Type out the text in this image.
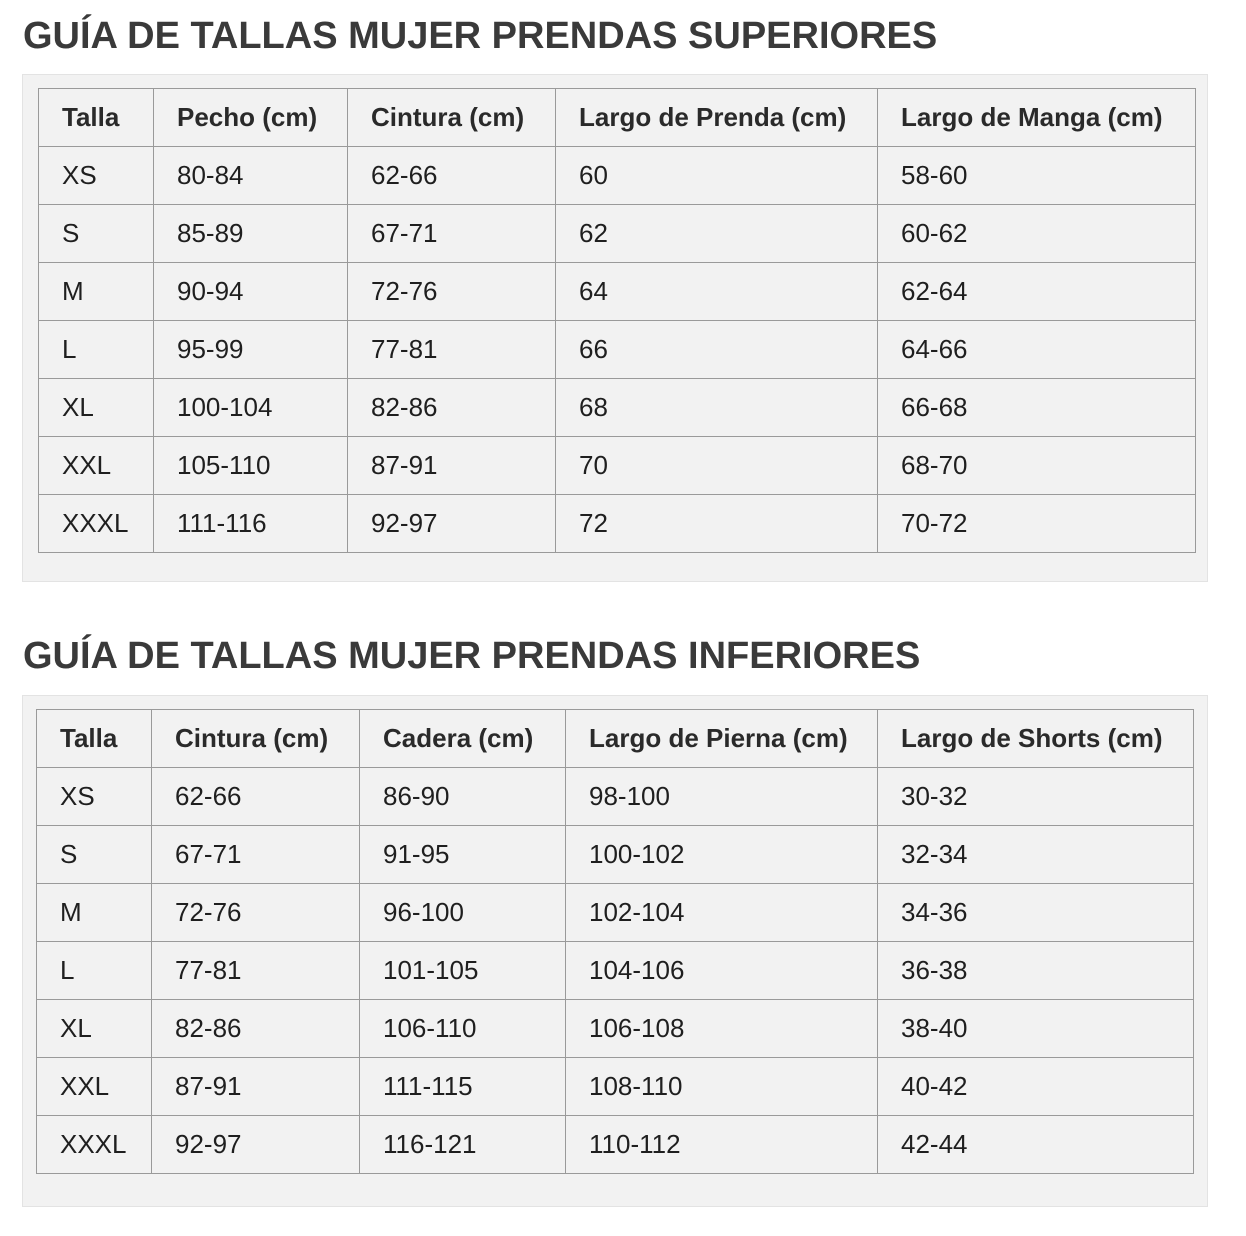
GUÍA DE TALLAS MUJER PRENDAS SUPERIORES
Talla	Pecho (cm)	Cintura (cm)	Largo de Prenda (cm)	Largo de Manga (cm)
XS	80-84	62-66	60	58-60
S	85-89	67-71	62	60-62
M	90-94	72-76	64	62-64
L	95-99	77-81	66	64-66
XL	100-104	82-86	68	66-68
XXL	105-110	87-91	70	68-70
XXXL	111-116	92-97	72	70-72
GUÍA DE TALLAS MUJER PRENDAS INFERIORES
Talla	Cintura (cm)	Cadera (cm)	Largo de Pierna (cm)	Largo de Shorts (cm)
XS	62-66	86-90	98-100	30-32
S	67-71	91-95	100-102	32-34
M	72-76	96-100	102-104	34-36
L	77-81	101-105	104-106	36-38
XL	82-86	106-110	106-108	38-40
XXL	87-91	111-115	108-110	40-42
XXXL	92-97	116-121	110-112	42-44
